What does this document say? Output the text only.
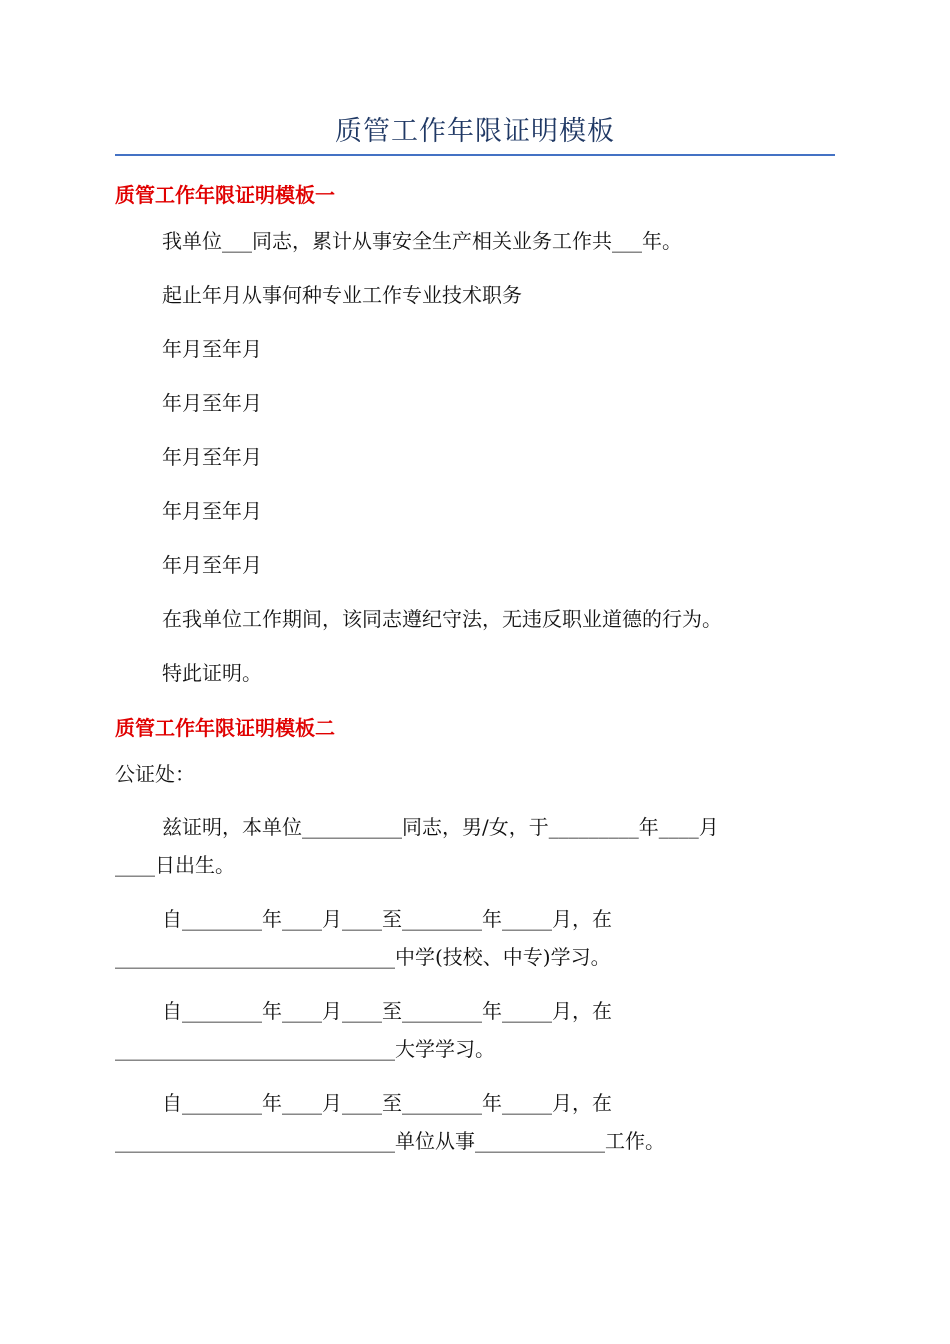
质管工作年限证明模板
质管工作年限证明模板一
我单位___同志，累计从事安全生产相关业务工作共___年。
起止年月从事何种专业工作专业技术职务
年月至年月
年月至年月
年月至年月
年月至年月
年月至年月
在我单位工作期间，该同志遵纪守法，无违反职业道德的行为。
特此证明。
质管工作年限证明模板二
公证处：
兹证明，本单位__________同志，男/女，于_________年____月
____日出生。
自________年____月____至________年_____月，在
____________________________中学(技校、中专)学习。
自________年____月____至________年_____月，在
____________________________大学学习。
自________年____月____至________年_____月，在
____________________________单位从事_____________工作。
